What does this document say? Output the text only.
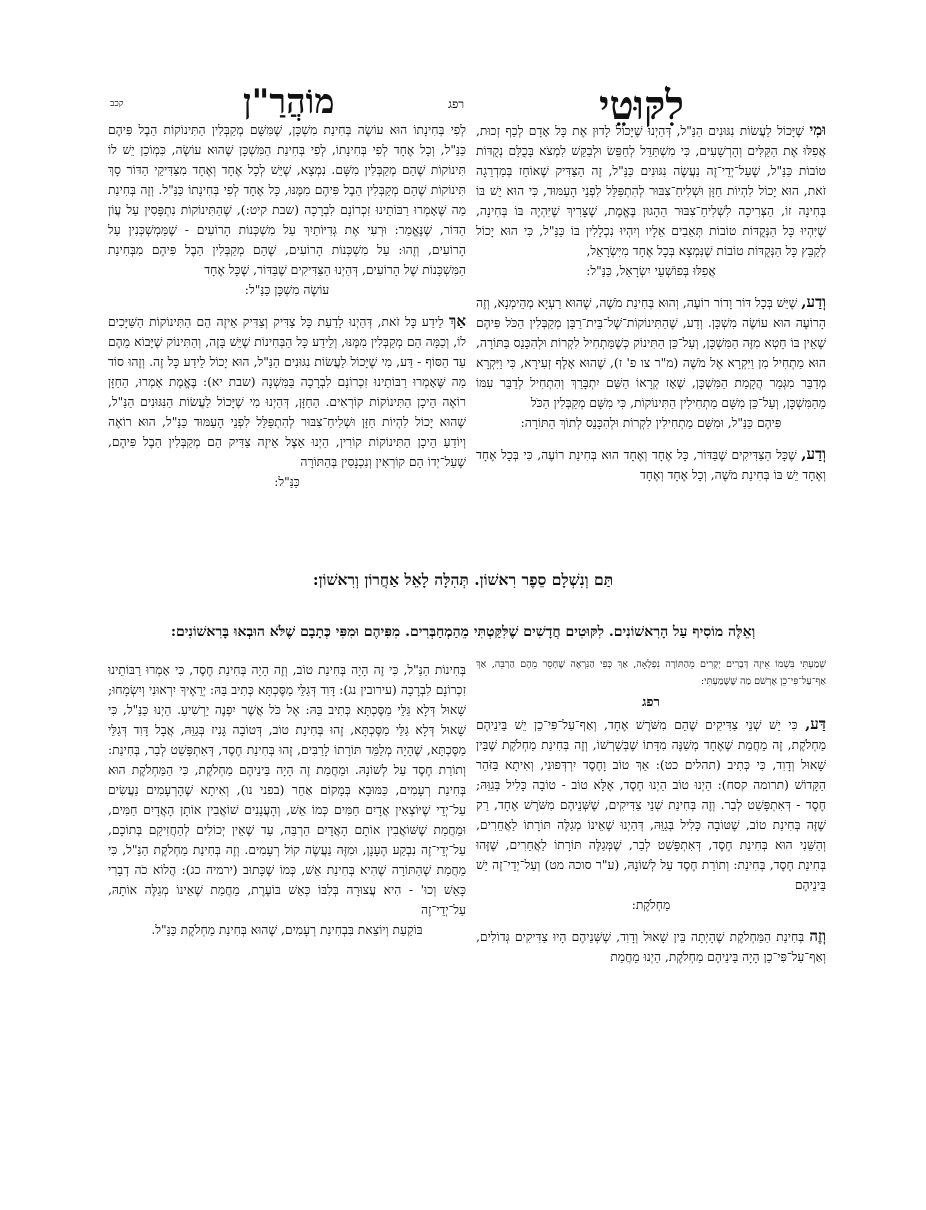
לִקּוּטֵי
רפג
מוֹהֲרַ"ן
קכב

וּמִי שֶׁיָּכוֹל לַעֲשׂוֹת נִגּוּנִים הַנַּ"ל, דְּהַיְנוּ שֶׁיָּכוֹל לָדוּן אֶת כָּל אָדָם לְכַף זְכוּת, אֲפִלּוּ אֶת הַקַּלִּים וְהָרְשָׁעִים, כִּי מִשְׁתַּדֵּל לְחַפֵּשׂ וּלְבַקֵּשׁ לִמְצֹא בָּכֻלָּם נְקֻדּוֹת טוֹבוֹת כַּנַּ"ל, שֶׁעַל־יְדֵי־זֶה נַעֲשֶׂה נִגּוּנִים כַּנַּ"ל, זֶה הַצַּדִּיק שֶׁאוֹחֵז בְּמַדְרֵגָה זֹאת, הוּא יָכוֹל לִהְיוֹת חַזָּן וּשְׁלִיחַ־צִבּוּר לְהִתְפַּלֵּל לִפְנֵי הָעַמּוּד, כִּי הוּא יֵשׁ בּוֹ בְּחִינָה זוֹ, הַצְּרִיכָה לִשְׁלִיחַ־צִבּוּר הַהָגוּן בֶּאֱמֶת, שֶׁצָּרִיךְ שֶׁיִּהְיֶה בּוֹ בְּחִינָה, שֶׁיִּהְיוּ כָּל הַנְּקֻדּוֹת טוֹבוֹת תְּאֵבִים אֵלָיו וְיִהְיוּ נִכְלָלִין בּוֹ כַּנַּ"ל, כִּי הוּא יָכוֹל לְקַבֵּץ כָּל הַנְּקֻדּוֹת טוֹבוֹת שֶׁנִּמְצָא בְּכָל אֶחָד מִיִּשְׂרָאֵל,
אֲפִלּוּ בְּפוֹשְׁעֵי יִשְׂרָאֵל, כַּנַּ"ל:

וְדַע, שֶׁיֵּשׁ בְּכָל דּוֹר וָדוֹר רוֹעֶה, וְהוּא בְּחִינַת מֹשֶׁה, שֶׁהוּא רַעְיָא מְהֵימְנָא, וְזֶה הָרוֹעֶה הוּא עוֹשֶׂה מִשְׁכָּן. וְדַע, שֶׁהַתִּינוֹקוֹת־שֶׁל־בֵּית־רַבָּן מְקַבְּלִין הַכֹּל פִּיהֶם שֶׁאֵין בּוֹ חֵטְא מִזֶּה הַמִּשְׁכָּן, וְעַל־כֵּן הַתִּינוֹק כְּשֶׁמַּתְחִיל לִקְרוֹת וּלְהִכָּנֵס בַּתּוֹרָה, הוּא מַתְחִיל מִן וַיִּקְרָא אֶל מֹשֶׁה (מ"ר צו פ' ז), שֶׁהוּא אָלֶף זְעִירָא, כִּי וַיִּקְרָא מְדַבֵּר מִגְּמַר הֲקָמַת הַמִּשְׁכָּן, שֶׁאָז קְרָאוֹ הַשֵּׁם יִתְבָּרַךְ וְהִתְחִיל לְדַבֵּר עִמּוֹ מֵהַמִּשְׁכָּן, וְעַל־כֵּן מִשָּׁם מַתְחִילִין הַתִּינוֹקוֹת, כִּי מִשָּׁם מְקַבְּלִין הַכֹּל
פִּיהֶם כַּנַּ"ל, וּמִשָּׁם מַתְחִילִין לִקְרוֹת וּלְהִכָּנֵס לְתוֹךְ הַתּוֹרָה:

וְדַע, שֶׁכָּל הַצַּדִּיקִים שֶׁבַּדּוֹר, כָּל אֶחָד וְאֶחָד הוּא בְּחִינַת רוֹעֶה, כִּי בְּכָל אֶחָד וְאֶחָד יֵשׁ בּוֹ בְּחִינַת מֹשֶׁה, וְכָל אֶחָד וְאֶחָד

לְפִי בְּחִינָתוֹ הוּא עוֹשֶׂה בְּחִינַת מִשְׁכָּן, שֶׁמִּשָּׁם מְקַבְּלִין הַתִּינוֹקוֹת הַבֶל פִּיהֶם כַּנַּ"ל, וְכָל אֶחָד לְפִי בְּחִינָתוֹ, לְפִי בְּחִינַת הַמִּשְׁכָּן שֶׁהוּא עוֹשֶׂה, כִּמְוֹכֵן יֵשׁ לוֹ תִּינוֹקוֹת שֶׁהֵם מְקַבְּלִין מִשָּׁם. נִמְצָא, שֶׁיֵּשׁ לְכָל אֶחָד וְאֶחָד מִצַּדִּיקֵי הַדּוֹר סָךְ תִּינוֹקוֹת שֶׁהֵם מְקַבְּלִין הַבֶל פִּיהֶם מִמֶּנּוּ, כָּל אֶחָד לְפִי בְּחִינָתוֹ כַּנַּ"ל. וְזֶה בְּחִינַת מַה שֶּׁאָמְרוּ רַבּוֹתֵינוּ זִכְרוֹנָם לִבְרָכָה (שבת קיט:), שֶׁהַתִּינוֹקוֹת נִתְפָּסִין עַל עֲוֹן הַדּוֹר, שֶׁנֶּאֱמַר: וּרְעִי אֶת גְּדִיּוֹתַיִךְ עַל מִשְׁכְּנוֹת הָרוֹעִים - שֶׁמַּמְשְׁכְּנִין עַל הָרוֹעִים, וְזֶהוּ: עַל מִשְׁכְּנוֹת הָרוֹעִים, שֶׁהֵם מְקַבְּלִין הַבֶל פִּיהֶם מִבְּחִינַת הַמִּשְׁכָּנוֹת שֶׁל הָרוֹעִים, דְּהַיְנוּ הַצַּדִּיקִים שֶׁבַּדּוֹר, שֶׁכָּל אֶחָד
עוֹשֶׂה מִשְׁכָּן כַּנַּ"ל:

אַךְ לֵידַע כָּל זֹאת, דְּהַיְנוּ לָדַעַת כָּל צַדִּיק וְצַדִּיק אֵיזֶה הֵם הַתִּינוֹקוֹת הַשַּׁיָּכִים לוֹ, וְכַמָּה הֵם מְקַבְּלִין מִמֶּנּוּ, וְלֵידַע כָּל הַבְּחִינוֹת שֶׁיֵּשׁ בָּזֶה, וְהַתִּינוֹק שֶׁיָּבוֹא מֵהֶם עַד הַסּוֹף - דַּע, מִי שֶׁיָּכוֹל לַעֲשׂוֹת נִגּוּנִים הַנַּ"ל, הוּא יָכוֹל לֵידַע כָּל זֶה. וְזֶהוּ סוֹד מַה שֶּׁאָמְרוּ רַבּוֹתֵינוּ זִכְרוֹנָם לִבְרָכָה בַּמִּשְׁנָה (שבת יא): בֶּאֱמֶת אָמְרוּ, הַחַזָּן רוֹאֶה הֵיכָן הַתִּינוֹקוֹת קוֹרְאִים. הַחַזָּן, דְּהַיְנוּ מִי שֶׁיָּכוֹל לַעֲשׂוֹת הַנִּגּוּנִים הַנַּ"ל, שֶׁהוּא יָכוֹל לִהְיוֹת חַזָּן וּשְׁלִיחַ־צִבּוּר לְהִתְפַּלֵּל לִפְנֵי הָעַמּוּד כַּנַּ"ל, הוּא רוֹאֶה וְיוֹדֵעַ הֵיכָן הַתִּינוֹקוֹת קוֹרִין, הַיְנוּ אֵצֶל אֵיזֶה צַדִּיק הֵם מְקַבְּלִין הַבֶל פִּיהֶם, שֶׁעַל־יְדוֹ הֵם קוֹרְאִין וְנִכְנָסִין בְּהַתּוֹרָה
כַּנַּ"ל:

תַּם וְנִשְׁלָם סֵפֶר רִאשׁוֹן. תְּהִלָּה לָאֵל אַחֲרוֹן וְרִאשׁוֹן:
וְאֵלֶּה מוֹסִיף עַל הָרִאשׁוֹנִים. לִקּוּטִים חֲדָשִׁים שֶׁלִּקַּטְתִּי מֵהַמְחַבְּרִים. מִפִּיהֶם וּמִפִּי כְּתָבָם שֶׁלֹּא הוּבְאוּ בָּרִאשׁוֹנִים:
שְׁמַעְתִּי בִּשְׁמוֹ אֵיזֶה דְּבָרִים יְקָרִים מֵהַתּוֹרָה נִפְלָאָה, אַךְ כְּפִי הַנִּרְאֶה שֶׁחָסֵר מֵהֶם הַרְבֵּה, אַךְ אַף־עַל־פִּי־כֵן אֶרְשֹׁם מַה שֶּׁשָּׁמַעְתִּי:
רפג

דַּע, כִּי יֵשׁ שְׁנֵי צַדִּיקִים שֶׁהֵם מִשֹּׁרֶשׁ אֶחָד, וְאַף־עַל־פִּי־כֵן יֵשׁ בֵּינֵיהֶם מַחְלֹקֶת, זֶה מֵחֲמַת שֶׁאֶחָד מְשַׁנֶּה מִדָּתוֹ שֶׁבְּשָׁרְשׁוֹ, וְזֶה בְּחִינַת מַחְלֹקֶת שֶׁבֵּין שָׁאוּל וְדָוִד, כִּי כְּתִיב (תהלים כט): אַךְ טוֹב וָחֶסֶד יִרְדְּפוּנִי, וְאִיתָא בַּזֹּהַר הַקָּדוֹשׁ (תרומה קסח): הַיְנוּ טוֹב הַיְנוּ חֶסֶד, אֶלָּא טוֹב - טוֹבָה כָּלִיל בְּגַוֵּהּ; חֶסֶד - דְּאִתְפָּשַׁט לְבַר. וְזֶה בְּחִינַת שְׁנֵי צַדִּיקִים, שֶׁשְּׁנֵיהֶם מִשֹּׁרֶשׁ אֶחָד, רַק שֶׁזֶּה בְּחִינַת טוֹב, שֶׁטּוֹבָה כָּלִיל בְּגַוֵּהּ, דְּהַיְנוּ שֶׁאֵינוֹ מְגַלֶּה תּוֹרָתוֹ לַאֲחֵרִים, וְהַשֵּׁנִי הוּא בְּחִינַת חֶסֶד, דְּאִתְפָּשַׁט לְבַר, שֶׁמְּגַלֶּה תּוֹרָתוֹ לַאֲחֵרִים, שֶׁזֶּהוּ בְּחִינַת חֶסֶד, בְּחִינַת: וְתוֹרַת חֶסֶד עַל לְשׁוֹנָהּ, (ע"ר סוכה מט) וְעַל־יְדֵי־זֶה יֵשׁ בֵּינֵיהֶם
מַחְלֹקֶת:

וְזֶה בְּחִינַת הַמַּחְלֹקֶת שֶׁהָיְתָה בֵּין שָׁאוּל וְדָוִד, שֶׁשְּׁנֵיהֶם הָיוּ צַדִּיקִים גְּדוֹלִים, וְאַף־עַל־פִּי־כֵן הָיָה בֵּינֵיהֶם מַחְלֹקֶת, הַיְנוּ מֵחֲמַת

בְּחִינוֹת הַנַּ"ל, כִּי זֶה הָיָה בְּחִינַת טוֹב, וְזֶה הָיָה בְּחִינַת חֶסֶד, כִּי אָמְרוּ רַבּוֹתֵינוּ זִכְרוֹנָם לִבְרָכָה (עירובין נג): דָּוִד דְּגַלֵּי מַסֶּכְתָּא כְּתִיב בֵּהּ: יְרֵאֶיךָ יִרְאוּנִי וְיִשְׂמָחוּ; שָׁאוּל דְּלָא גַּלֵּי מַסֶּכְתָּא כְּתִיב בֵּהּ: אֶל כֹּל אֲשֶׁר יִפְנֶה יַרְשִׁיעַ. הַיְנוּ כַּנַּ"ל, כִּי שָׁאוּל דְּלָא גַּלֵּי מַסֶּכְתָּא, זֶהוּ בְּחִינַת טוֹב, דְּטוֹבָה גָּנִיז בְּגַוֵּהּ, אֲבָל דָּוִד דְּגַלֵּי מַסֶּכְתָּא, שֶׁהָיָה מְלַמֵּד תּוֹרָתוֹ לָרַבִּים, זֶהוּ בְּחִינַת חֶסֶד, דְּאִתְפָּשַׁט לְבַר, בְּחִינַת: וְתוֹרַת חֶסֶד עַל לְשׁוֹנָהּ. וּמֵחֲמַת זֶה הָיָה בֵּינֵיהֶם מַחְלֹקֶת, כִּי הַמַּחְלֹקֶת הוּא בְּחִינַת רְעָמִים, כַּמּוּבָא בְּמָקוֹם אַחֵר (בפני נו), וְאִיתָא שֶׁהָרְעָמִים נַעֲשִׂים עַל־יְדֵי שֶׁיּוֹצְאִין אֲדָיִם חַמִּים כְּמוֹ אֵשׁ, וְהָעֲנָנִים שׁוֹאֲבִין אוֹתָן הָאֲדָיִם חַמִּים, וּמֵחֲמַת שֶׁשּׁוֹאֲבִין אוֹתָם הָאֲדָיִם הַרְבֵּה, עַד שֶׁאֵין יְכוֹלִים לְהַחֲזִיקָם בְּתוֹכָם, עַל־יְדֵי־זֶה נִבְקַע הֶעָנָן, וּמִזֶּה נַעֲשֶׂה קוֹל רְעָמִים. וְזֶה בְּחִינַת מַחְלֹקֶת הַנַּ"ל, כִּי מֵחֲמַת שֶׁהַתּוֹרָה שֶׁהִיא בְּחִינַת אֵשׁ, כְּמוֹ שֶׁכָּתוּב (ירמיה כג): הֲלוֹא כֹה דְבָרִי כָּאֵשׁ וְכוּ' - הִיא עֲצוּרָה בְּלִבּוֹ כְּאֵשׁ בּוֹעֶרֶת, מֵחֲמַת שֶׁאֵינוֹ מְגַלֶּה אוֹתָהּ, עַל־יְדֵי־זֶה
בּוֹקַעַת וְיוֹצֵאת בִּבְחִינַת רְעָמִים, שֶׁהוּא בְּחִינַת מַחְלֹקֶת כַּנַּ"ל.
